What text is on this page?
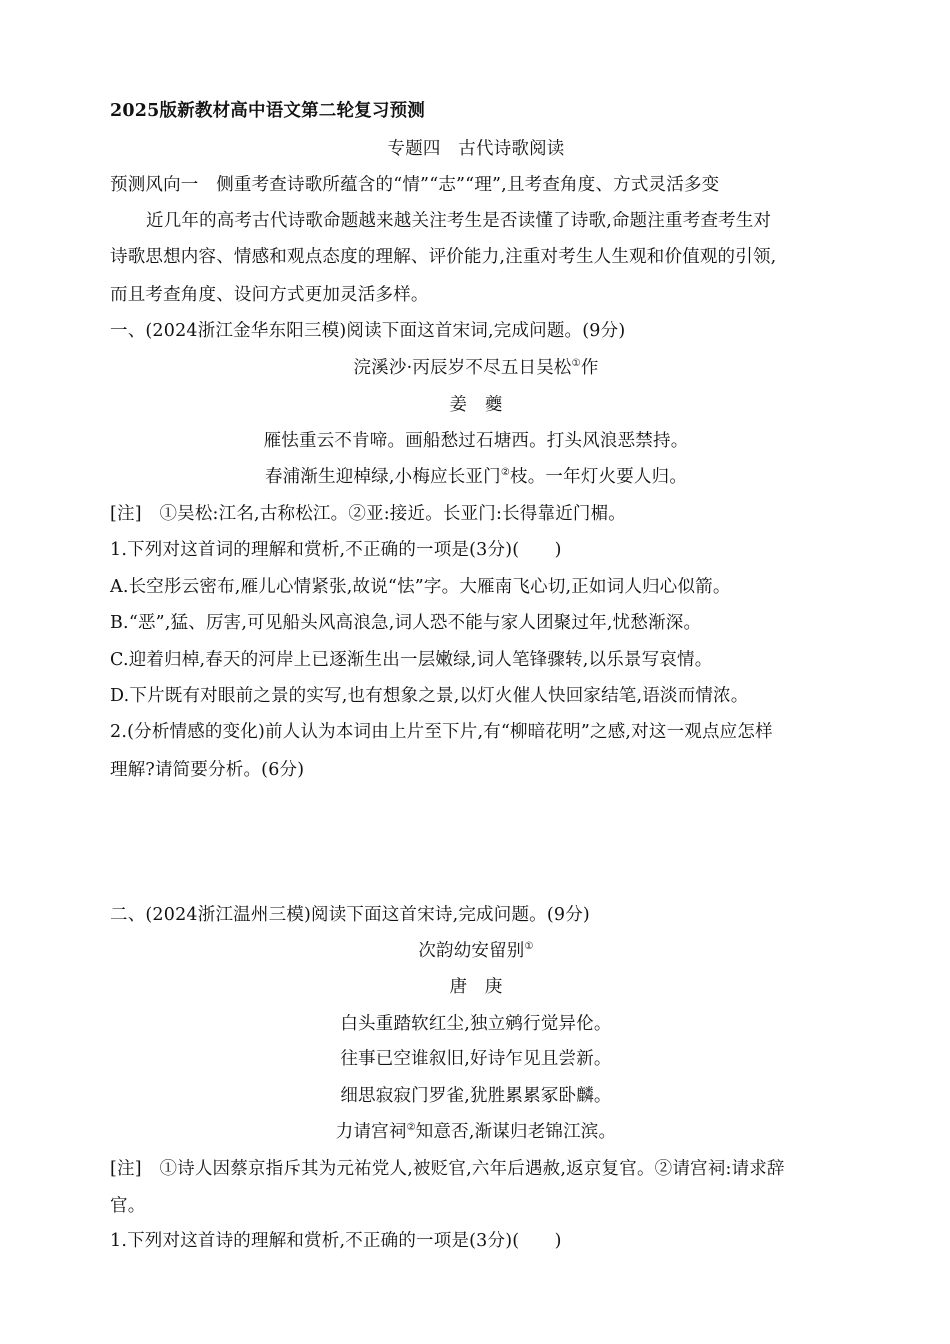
2025版新教材高中语文第二轮复习预测
专题四　古代诗歌阅读
预测风向一　侧重考查诗歌所蕴含的“情”“志”“理”,且考查角度、方式灵活多变
近几年的高考古代诗歌命题越来越关注考生是否读懂了诗歌,命题注重考查考生对
诗歌思想内容、情感和观点态度的理解、评价能力,注重对考生人生观和价值观的引领,
而且考查角度、设问方式更加灵活多样。
一、(2024浙江金华东阳三模)阅读下面这首宋词,完成问题。(9分)
浣溪沙·丙辰岁不尽五日吴松①作
姜　夔
雁怯重云不肯啼。画船愁过石塘西。打头风浪恶禁持。
春浦渐生迎棹绿,小梅应长亚门②枝。一年灯火要人归。
[注]　①吴松:江名,古称松江。②亚:接近。长亚门:长得靠近门楣。
1.下列对这首词的理解和赏析,不正确的一项是(3分)(　　)
A.长空彤云密布,雁儿心情紧张,故说“怯”字。大雁南飞心切,正如词人归心似箭。
B.“恶”,猛、厉害,可见船头风高浪急,词人恐不能与家人团聚过年,忧愁渐深。
C.迎着归棹,春天的河岸上已逐渐生出一层嫩绿,词人笔锋骤转,以乐景写哀情。
D.下片既有对眼前之景的实写,也有想象之景,以灯火催人快回家结笔,语淡而情浓。
2.(分析情感的变化)前人认为本词由上片至下片,有“柳暗花明”之感,对这一观点应怎样
理解?请简要分析。(6分)
二、(2024浙江温州三模)阅读下面这首宋诗,完成问题。(9分)
次韵幼安留别①
唐　庚
白头重踏软红尘,独立鹓行觉异伦。
往事已空谁叙旧,好诗乍见且尝新。
细思寂寂门罗雀,犹胜累累冢卧麟。
力请宫祠②知意否,渐谋归老锦江滨。
[注]　①诗人因蔡京指斥其为元祐党人,被贬官,六年后遇赦,返京复官。②请宫祠:请求辞
官。
1.下列对这首诗的理解和赏析,不正确的一项是(3分)(　　)
